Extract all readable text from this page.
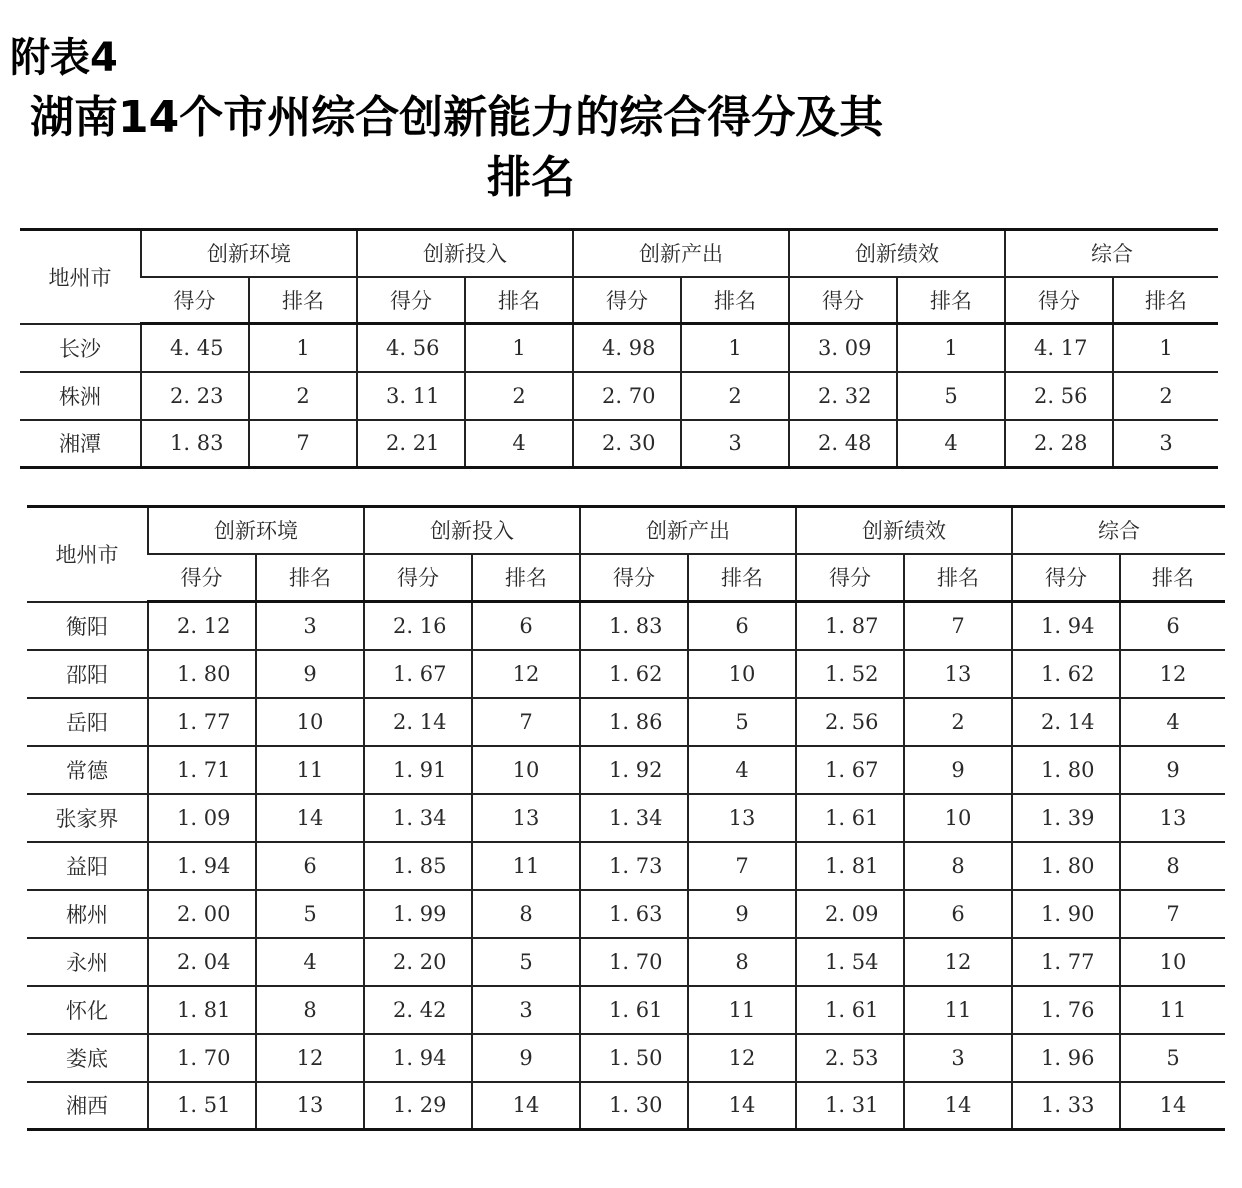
附表4
湖南14个市州综合创新能力的综合得分及其
排名
地州市	创新环境		创新投入		创新产出		创新绩效		综合	
	得分	排名	得分	排名	得分	排名	得分	排名	得分	排名
长沙	4. 45	1	4. 56	1	4. 98	1	3. 09	1	4. 17	1
株洲	2. 23	2	3. 11	2	2. 70	2	2. 32	5	2. 56	2
湘潭	1. 83	7	2. 21	4	2. 30	3	2. 48	4	2. 28	3
地州市	创新环境		创新投入		创新产出		创新绩效		综合	
	得分	排名	得分	排名	得分	排名	得分	排名	得分	排名
衡阳	2. 12	3	2. 16	6	1. 83	6	1. 87	7	1. 94	6
邵阳	1. 80	9	1. 67	12	1. 62	10	1. 52	13	1. 62	12
岳阳	1. 77	10	2. 14	7	1. 86	5	2. 56	2	2. 14	4
常德	1. 71	11	1. 91	10	1. 92	4	1. 67	9	1. 80	9
张家界	1. 09	14	1. 34	13	1. 34	13	1. 61	10	1. 39	13
益阳	1. 94	6	1. 85	11	1. 73	7	1. 81	8	1. 80	8
郴州	2. 00	5	1. 99	8	1. 63	9	2. 09	6	1. 90	7
永州	2. 04	4	2. 20	5	1. 70	8	1. 54	12	1. 77	10
怀化	1. 81	8	2. 42	3	1. 61	11	1. 61	11	1. 76	11
娄底	1. 70	12	1. 94	9	1. 50	12	2. 53	3	1. 96	5
湘西	1. 51	13	1. 29	14	1. 30	14	1. 31	14	1. 33	14
